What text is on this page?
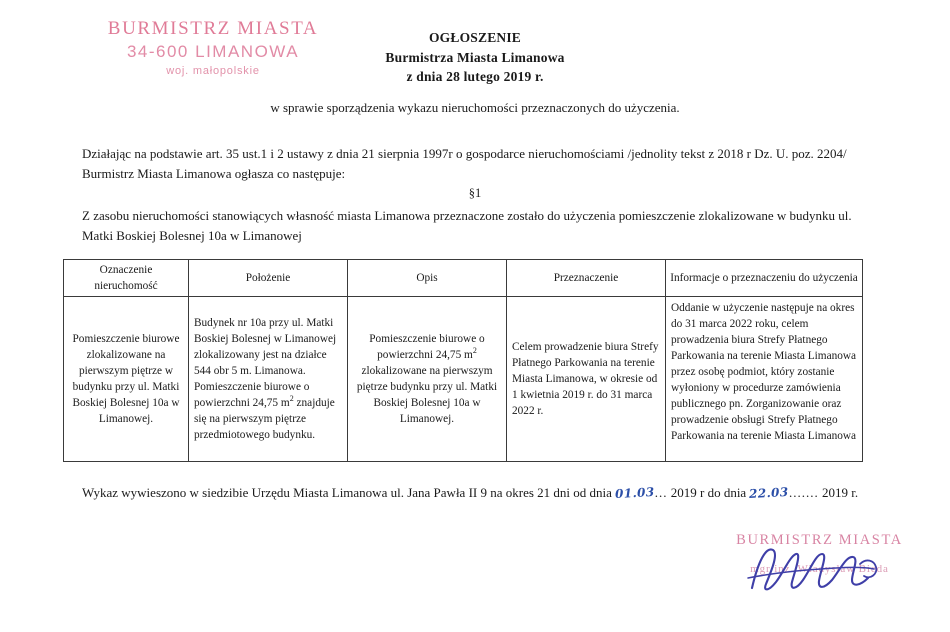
BURMISTRZ MIASTA
34-600 LIMANOWA
woj. małopolskie
OGŁOSZENIE
Burmistrza Miasta Limanowa
z dnia 28 lutego 2019 r.
w sprawie sporządzenia wykazu nieruchomości przeznaczonych do użyczenia.
Działając na podstawie art. 35 ust.1 i 2 ustawy z dnia 21 sierpnia 1997r o gospodarce nieruchomościami /jednolity tekst z 2018 r Dz. U. poz. 2204/ Burmistrz Miasta Limanowa ogłasza co następuje:
§1
Z zasobu nieruchomości stanowiących własność miasta Limanowa przeznaczone zostało do użyczenia pomieszczenie zlokalizowane w budynku ul. Matki Boskiej Bolesnej 10a w Limanowej
Oznaczenie nieruchomość	Położenie	Opis	Przeznaczenie	Informacje o przeznaczeniu do użyczenia
Pomieszczenie biurowe zlokalizowane na pierwszym piętrze w budynku przy ul. Matki Boskiej Bolesnej 10a w Limanowej.	Budynek nr 10a przy ul. Matki Boskiej Bolesnej w Limanowej zlokalizowany jest na działce 544 obr 5 m. Limanowa. Pomieszczenie biurowe o powierzchni 24,75 $m^2$ znajduje się na pierwszym piętrze przedmiotowego budynku.	Pomieszczenie biurowe o powierzchni 24,75 $m^2$ zlokalizowane na pierwszym piętrze budynku przy ul. Matki Boskiej Bolesnej 10a w Limanowej.	Celem prowadzenie biura Strefy Płatnego Parkowania na terenie Miasta Limanowa, w okresie od 1 kwietnia 2019 r. do 31 marca 2022 r.	Oddanie w użyczenie następuje na okres do 31 marca 2022 roku, celem prowadzenia biura Strefy Płatnego Parkowania na terenie Miasta Limanowa przez osobę podmiot, który zostanie wyłoniony w procedurze zamówienia publicznego pn. Zorganizowanie oraz prowadzenie obsługi Strefy Płatnego Parkowania na terenie Miasta Limanowa
Wykaz wywieszono w siedzibie Urzędu Miasta Limanowa ul. Jana Pawła II 9 na okres 21 dni od dnia 01.03... 2019 r do dnia 22.03....... 2019 r.
BURMISTRZ MIASTA
mgr inż. Władysław Bieda
